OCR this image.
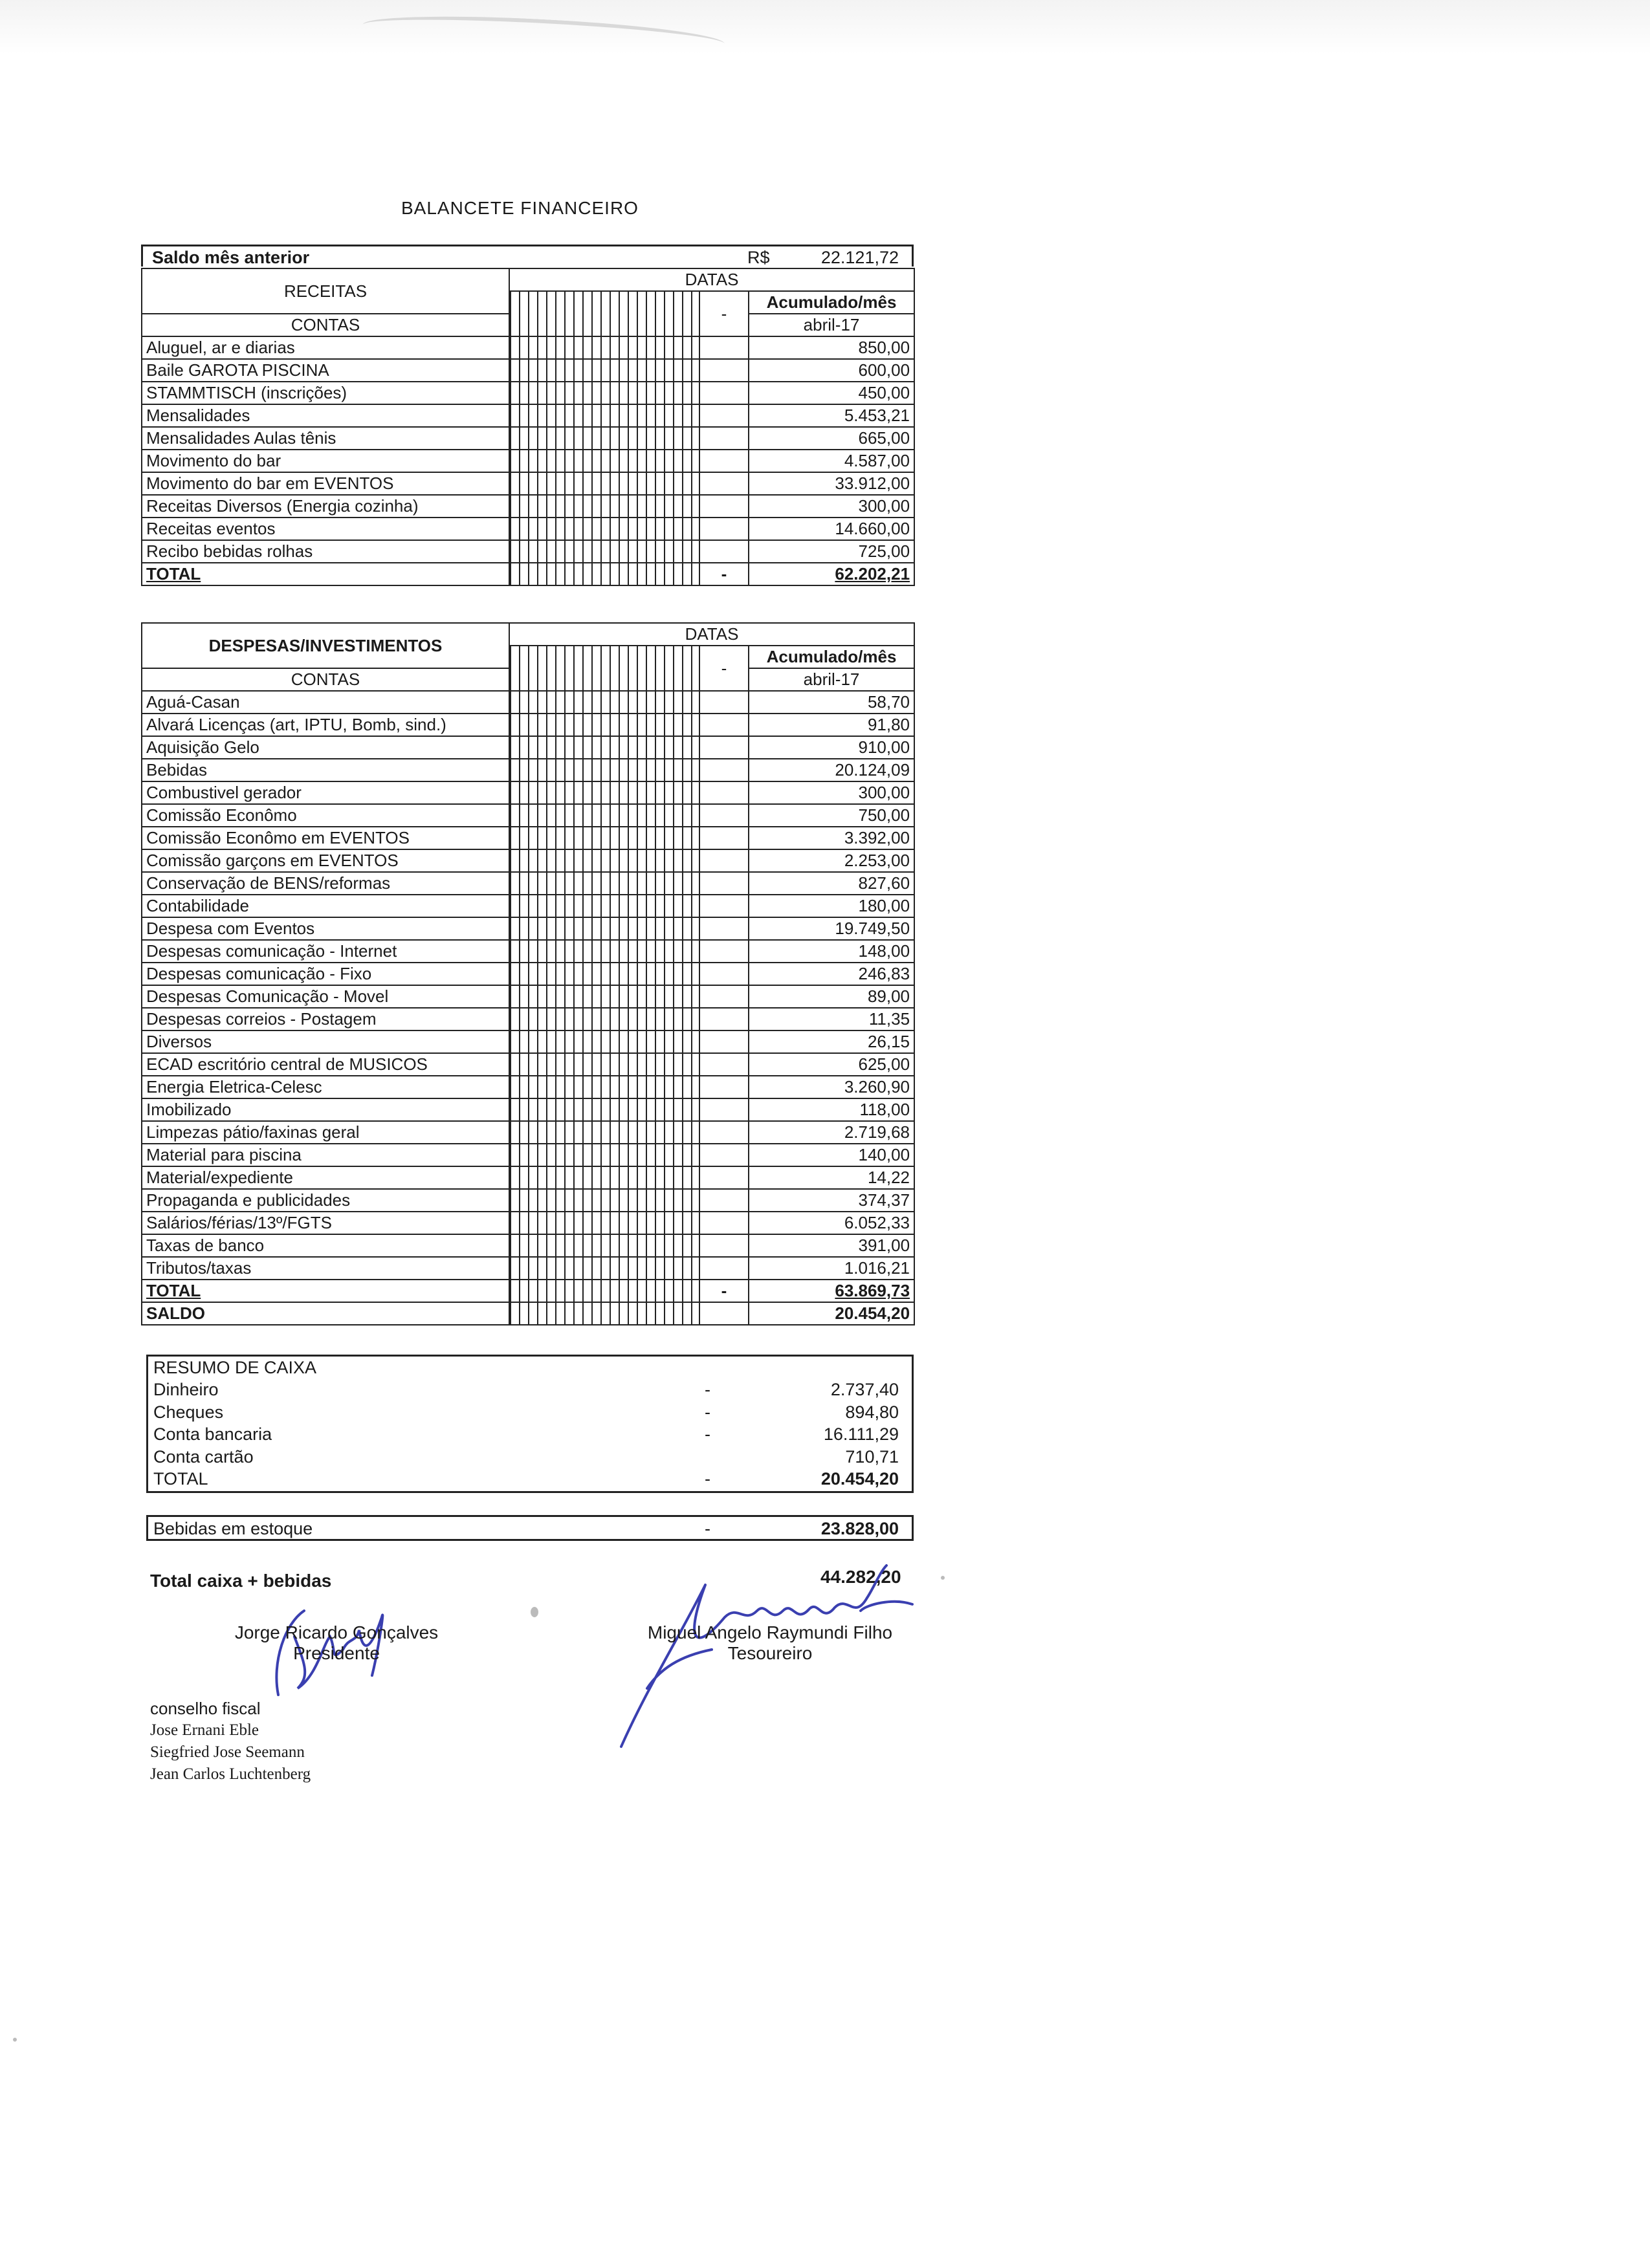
BALANCETE FINANCEIRO
Saldo mês anterior	R$	22.121,72
RECEITAS	DATAS		
		-	Acumulado/mês
CONTAS			abril-17
Aluguel, ar e diarias			850,00
Baile GAROTA PISCINA			600,00
STAMMTISCH (inscrições)			450,00
Mensalidades			5.453,21
Mensalidades Aulas tênis			665,00
Movimento do bar			4.587,00
Movimento do bar em EVENTOS			33.912,00
Receitas Diversos (Energia cozinha)			300,00
Receitas eventos			14.660,00
Recibo bebidas rolhas			725,00
TOTAL		-	62.202,21
DESPESAS/INVESTIMENTOS	DATAS		
		-	Acumulado/mês
CONTAS			abril-17
Aguá-Casan			58,70
Alvará Licenças (art, IPTU, Bomb, sind.)			91,80
Aquisição Gelo			910,00
Bebidas			20.124,09
Combustivel gerador			300,00
Comissão Econômo			750,00
Comissão Econômo em EVENTOS			3.392,00
Comissão garçons em EVENTOS			2.253,00
Conservação de BENS/reformas			827,60
Contabilidade			180,00
Despesa com Eventos			19.749,50
Despesas comunicação - Internet			148,00
Despesas comunicação - Fixo			246,83
Despesas Comunicação - Movel			89,00
Despesas correios - Postagem			11,35
Diversos			26,15
ECAD escritório central de MUSICOS			625,00
Energia Eletrica-Celesc			3.260,90
Imobilizado			118,00
Limpezas pátio/faxinas geral			2.719,68
Material para piscina			140,00
Material/expediente			14,22
Propaganda e publicidades			374,37
Salários/férias/13º/FGTS			6.052,33
Taxas de banco			391,00
Tributos/taxas			1.016,21
TOTAL		-	63.869,73
SALDO			20.454,20
RESUMO DE CAIXA
Dinheiro	-	2.737,40
Cheques	-	894,80
Conta bancaria	-	16.111,29
Conta cartão	710,71
TOTAL	-	20.454,20
Bebidas em estoque	-	23.828,00
Total caixa + bebidas	44.282,20
Jorge Ricardo Gonçalves
Presidente
Miguel Angelo Raymundi Filho
Tesoureiro
conselho fiscal
Jose Ernani Eble
Siegfried Jose Seemann
Jean Carlos Luchtenberg
